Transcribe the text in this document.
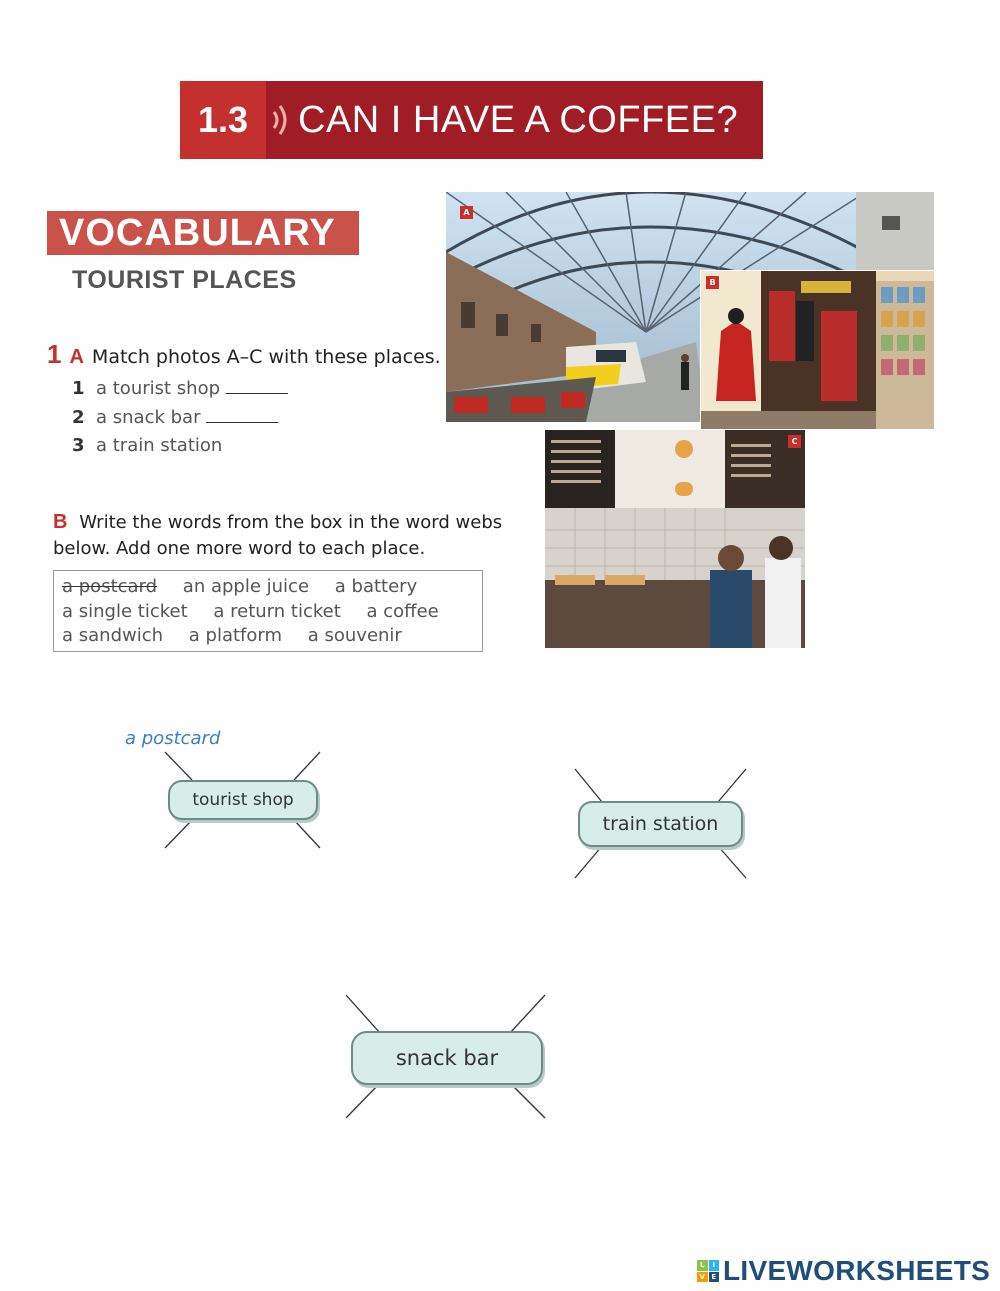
1.3	CAN I HAVE A COFFEE?
VOCABULARY
TOURIST PLACES
1 A Match photos A–C with these places.
1 a tourist shop
2 a snack bar
3 a train station
B Write the words from the box in the word webs below. Add one more word to each place.
a postcard an apple juice a battery
a single ticket a return ticket a coffee
a sandwich a platform a souvenir
A
B
C
a postcard
tourist shop
train station
snack bar
L	I
V E LIVEWORKSHEETS
